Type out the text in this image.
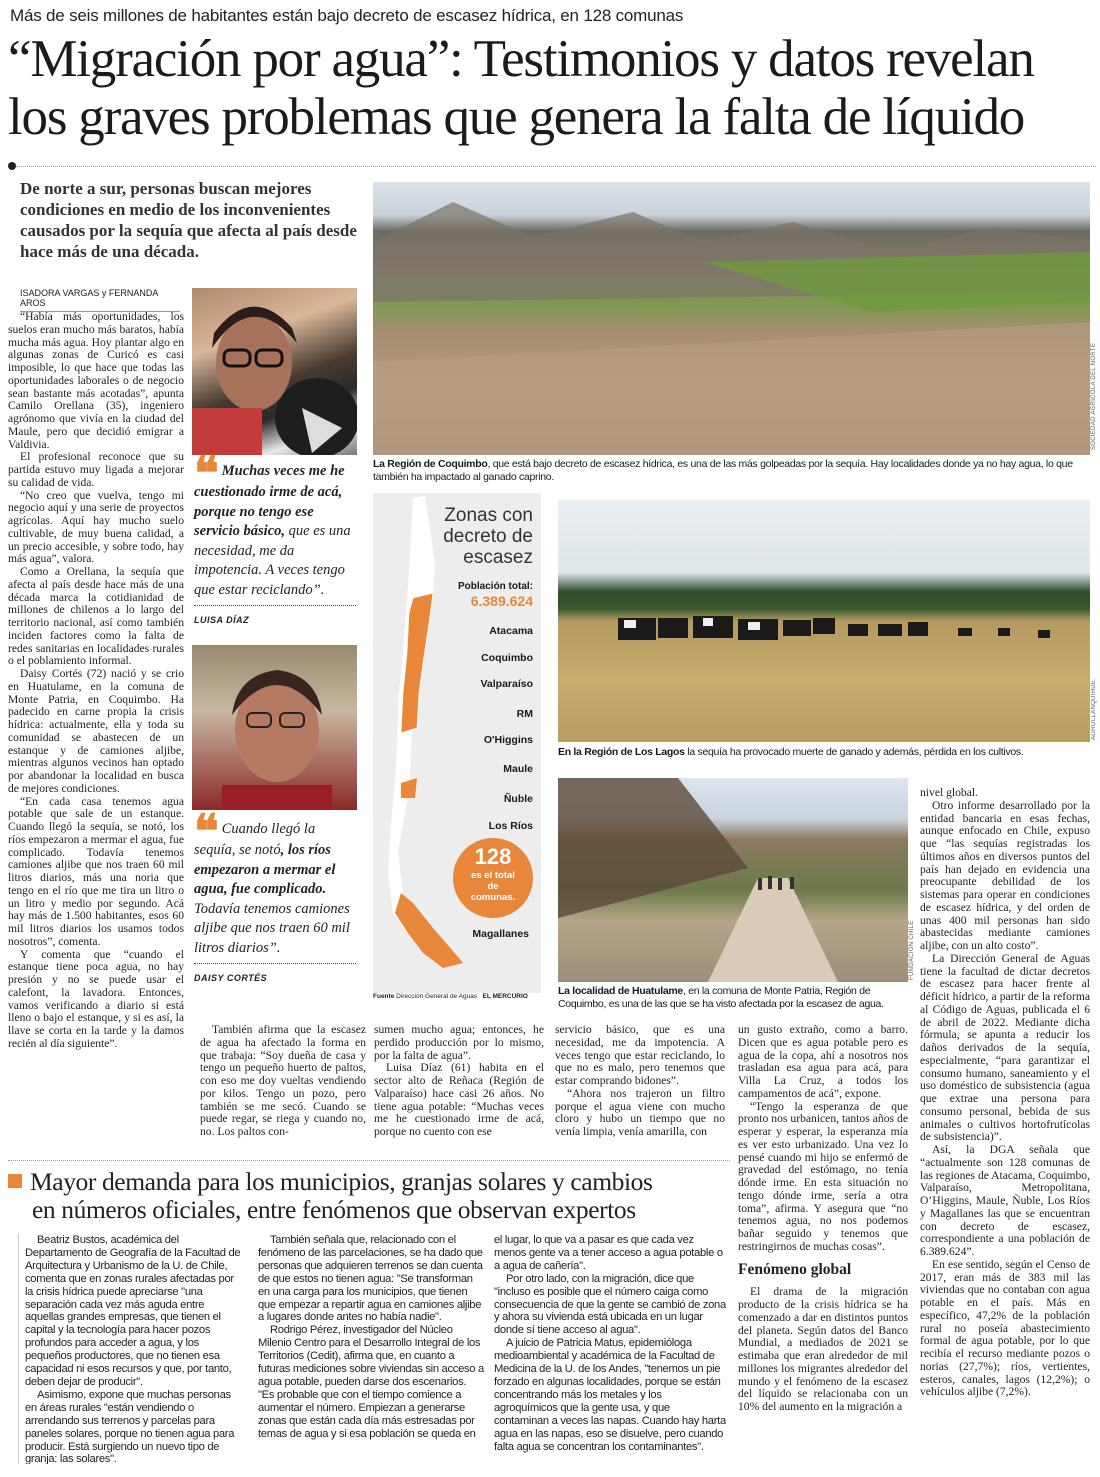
Más de seis millones de habitantes están bajo decreto de escasez hídrica, en 128 comunas
“Migración por agua”: Testimonios y datos revelan
los graves problemas que genera la falta de líquido
De norte a sur, personas buscan mejores condiciones en medio de los inconvenientes causados por la sequía que afecta al país desde hace más de una década.
ISADORA VARGAS y FERNANDA AROS

“Había más oportunidades, los suelos eran mucho más baratos, había mucha más agua. Hoy plantar algo en algunas zonas de Curicó es casi imposible, lo que hace que todas las oportunidades laborales o de negocio sean bastante más acotadas”, apunta Camilo Orellana (35), ingeniero agrónomo que vivía en la ciudad del Maule, pero que decidió emigrar a Valdivia.

El profesional reconoce que su partida estuvo muy ligada a mejorar su calidad de vida.

“No creo que vuelva, tengo mi negocio aquí y una serie de proyectos agrícolas. Aquí hay mucho suelo cultivable, de muy buena calidad, a un precio accesible, y sobre todo, hay más agua”, valora.

Como a Orellana, la sequía que afecta al país desde hace más de una década marca la cotidianidad de millones de chilenos a lo largo del territorio nacional, así como también inciden factores como la falta de redes sanitarias en localidades rurales o el poblamiento informal.

Daisy Cortés (72) nació y se crio en Huatulame, en la comuna de Monte Patria, en Coquimbo. Ha padecido en carne propia la crisis hídrica: actualmente, ella y toda su comunidad se abastecen de un estanque y de camiones aljibe, mientras algunos vecinos han optado por abandonar la localidad en busca de mejores condiciones.

“En cada casa tenemos agua potable que sale de un estanque. Cuando llegó la sequía, se notó, los ríos empezaron a mermar el agua, fue complicado. Todavía tenemos camiones aljibe que nos traen 60 mil litros diarios, más una noria que tengo en el río que me tira un litro o un litro y medio por segundo. Acá hay más de 1.500 habitantes, esos 60 mil litros diarios los usamos todos nosotros”, comenta.

Y comenta que “cuando el estanque tiene poca agua, no hay presión y no se puede usar el calefont, la lavadora. Entonces, vamos verificando a diario si está lleno o bajo el estanque, y si es así, la llave se corta en la tarde y la damos recién al día siguiente”.

❝ Muchas veces me he cuestionado irme de acá, porque no tengo ese servicio básico, que es una necesidad, me da impotencia. A veces tengo que estar reciclando”.
LUISA DÍAZ
❝ Cuando llegó la sequía, se notó, los ríos empezaron a mermar el agua, fue complicado. Todavía tenemos camiones aljibe que nos traen 60 mil litros diarios”.
DAISY CORTÉS
SOCIEDAD AGRÍCOLA DEL NORTE
La Región de Coquimbo, que está bajo decreto de escasez hídrica, es una de las más golpeadas por la sequía. Hay localidades donde ya no hay agua, lo que también ha impactado al ganado caprino.
Zonas con decreto de escasez
Población total:
6.389.624
Atacama
Coquimbo
Valparaíso
RM
O'Higgins
Maule
Ñuble
Los Ríos
128
es el total de comunas.
Magallanes
Fuente Dirección General de Aguas EL MERCURIO
AGROLLANQUIHUE.
En la Región de Los Lagos la sequía ha provocado muerte de ganado y además, pérdida en los cultivos.
FUNDACIÓN CHILE
La localidad de Huatulame, en la comuna de Monte Patria, Región de Coquimbo, es una de las que se ha visto afectada por la escasez de agua.

También afirma que la escasez de agua ha afectado la forma en que trabaja: “Soy dueña de casa y tengo un pequeño huerto de paltos, con eso me doy vueltas vendiendo por kilos. Tengo un pozo, pero también se me secó. Cuando se puede regar, se riega y cuando no, no. Los paltos con-

sumen mucho agua; entonces, he perdido producción por lo mismo, por la falta de agua”.

Luisa Díaz (61) habita en el sector alto de Reñaca (Región de Valparaíso) hace casi 26 años. No tiene agua potable: “Muchas veces me he cuestionado irme de acá, porque no cuento con ese

servicio básico, que es una necesidad, me da impotencia. A veces tengo que estar reciclando, lo que no es malo, pero tenemos que estar comprando bidones”.

“Ahora nos trajeron un filtro porque el agua viene con mucho cloro y hubo un tiempo que no venía limpia, venía amarilla, con

un gusto extraño, como a barro. Dicen que es agua potable pero es agua de la copa, ahí a nosotros nos trasladan esa agua para acá, para Villa La Cruz, a todos los campamentos de acá”, expone.

“Tengo la esperanza de que pronto nos urbanicen, tantos años de esperar y esperar, la esperanza mía es ver esto urbanizado. Una vez lo pensé cuando mi hijo se enfermó de gravedad del estómago, no tenía dónde irme. En esta situación no tengo dónde irme, sería a otra toma”, afirma. Y asegura que “no tenemos agua, no nos podemos bañar seguido y tenemos que restringirnos de muchas cosas”.

Fenómeno global

El drama de la migración producto de la crisis hídrica se ha comenzado a dar en distintos puntos del planeta. Según datos del Banco Mundial, a mediados de 2021 se estimaba que eran alrededor de mil millones los migrantes alrededor del mundo y el fenómeno de la escasez del líquido se relacionaba con un 10% del aumento en la migración a

nivel global.

Otro informe desarrollado por la entidad bancaria en esas fechas, aunque enfocado en Chile, expuso que “las sequías registradas los últimos años en diversos puntos del país han dejado en evidencia una preocupante debilidad de los sistemas para operar en condiciones de escasez hídrica, y del orden de unas 400 mil personas han sido abastecidas mediante camiones aljibe, con un alto costo”.

La Dirección General de Aguas tiene la facultad de dictar decretos de escasez para hacer frente al déficit hídrico, a partir de la reforma al Código de Aguas, publicada el 6 de abril de 2022. Mediante dicha fórmula, se apunta a reducir los daños derivados de la sequía, especialmente, “para garantizar el consumo humano, saneamiento y el uso doméstico de subsistencia (agua que extrae una persona para consumo personal, bebida de sus animales o cultivos hortofrutícolas de subsistencia)”.

Así, la DGA señala que “actualmente son 128 comunas de las regiones de Atacama, Coquimbo, Valparaíso, Metropolitana, O’Higgins, Maule, Ñuble, Los Ríos y Magallanes las que se encuentran con decreto de escasez, correspondiente a una población de 6.389.624”.

En ese sentido, según el Censo de 2017, eran más de 383 mil las viviendas que no contaban con agua potable en el país. Más en específico, 47,2% de la población rural no poseía abastecimiento formal de agua potable, por lo que recibía el recurso mediante pozos o norias (27,7%); ríos, vertientes, esteros, canales, lagos (12,2%); o vehículos aljibe (7,2%).

Mayor demanda para los municipios, granjas solares y cambios
en números oficiales, entre fenómenos que observan expertos

Beatriz Bustos, académica del Departamento de Geografía de la Facultad de Arquitectura y Urbanismo de la U. de Chile, comenta que en zonas rurales afectadas por la crisis hídrica puede apreciarse "una separación cada vez más aguda entre aquellas grandes empresas, que tienen el capital y la tecnología para hacer pozos profundos para acceder a agua, y los pequeños productores, que no tienen esa capacidad ni esos recursos y que, por tanto, deben dejar de producir".

Asimismo, expone que muchas personas en áreas rurales "están vendiendo o arrendando sus terrenos y parcelas para paneles solares, porque no tienen agua para producir. Está surgiendo un nuevo tipo de granja: las solares".

También señala que, relacionado con el fenómeno de las parcelaciones, se ha dado que personas que adquieren terrenos se dan cuenta de que estos no tienen agua: "Se transforman en una carga para los municipios, que tienen que empezar a repartir agua en camiones aljibe a lugares donde antes no había nadie".

Rodrigo Pérez, investigador del Núcleo Milenio Centro para el Desarrollo Integral de los Territorios (Cedit), afirma que, en cuanto a futuras mediciones sobre viviendas sin acceso a agua potable, pueden darse dos escenarios. "Es probable que con el tiempo comience a aumentar el número. Empiezan a generarse zonas que están cada día más estresadas por temas de agua y si esa población se queda en

el lugar, lo que va a pasar es que cada vez menos gente va a tener acceso a agua potable o a agua de cañería".

Por otro lado, con la migración, dice que "incluso es posible que el número caiga como consecuencia de que la gente se cambió de zona y ahora su vivienda está ubicada en un lugar donde sí tiene acceso al agua".

A juicio de Patricia Matus, epidemióloga medioambiental y académica de la Facultad de Medicina de la U. de los Andes, "tenemos un pie forzado en algunas localidades, porque se están concentrando más los metales y los agroquímicos que la gente usa, y que contaminan a veces las napas. Cuando hay harta agua en las napas, eso se disuelve, pero cuando falta agua se concentran los contaminantes".
